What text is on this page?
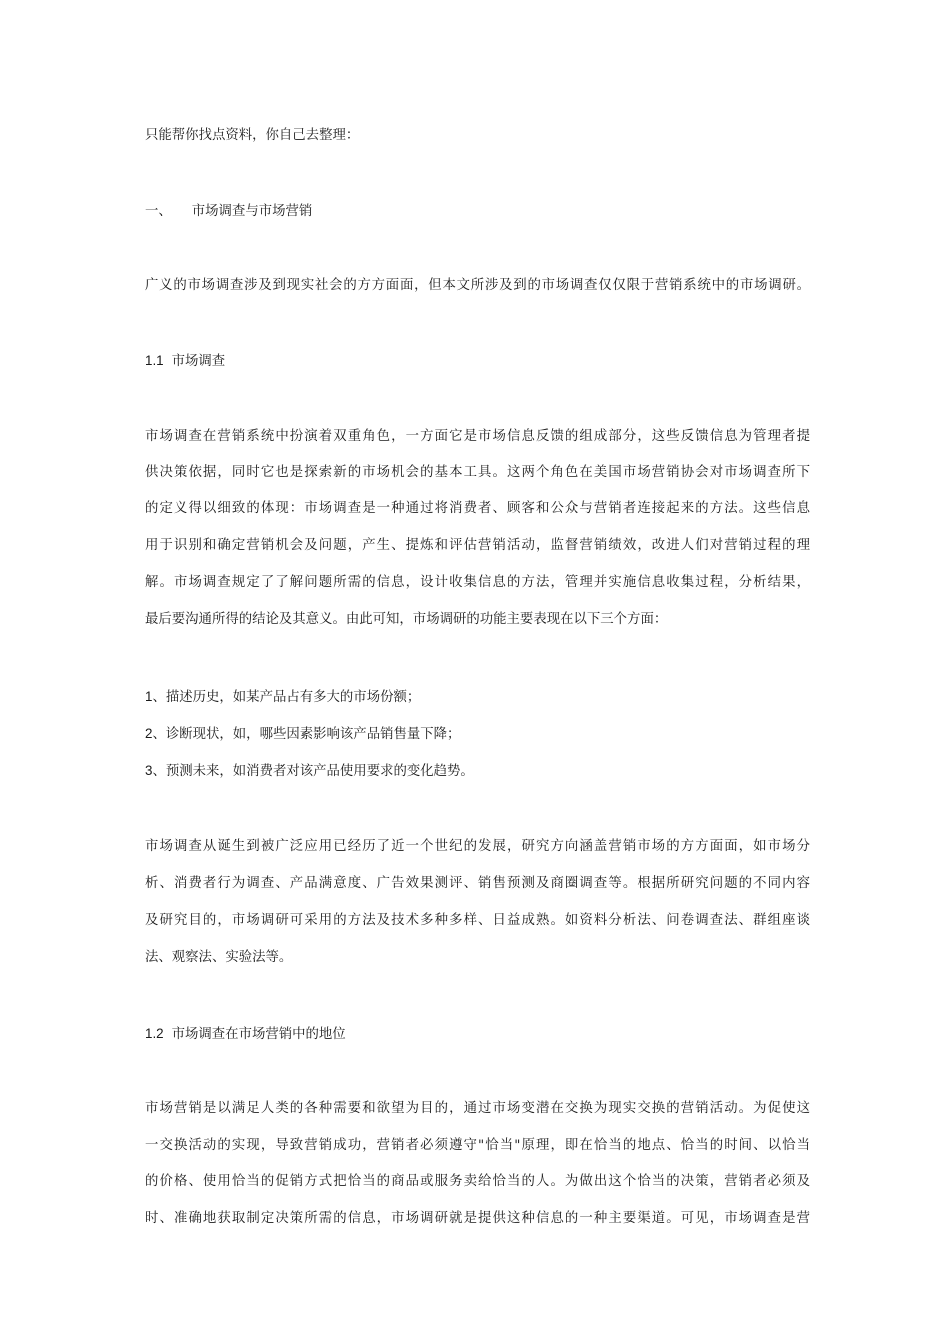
只能帮你找点资料，你自己去整理：
一、 市场调查与市场营销
广义的市场调查涉及到现实社会的方方面面，但本文所涉及到的市场调查仅仅限于营销系统中的市场调研。
1.1 市场调查
市场调查在营销系统中扮演着双重角色，一方面它是市场信息反馈的组成部分，这些反馈信息为管理者提
供决策依据，同时它也是探索新的市场机会的基本工具。这两个角色在美国市场营销协会对市场调查所下
的定义得以细致的体现：市场调查是一种通过将消费者、顾客和公众与营销者连接起来的方法。这些信息
用于识别和确定营销机会及问题，产生、提炼和评估营销活动，监督营销绩效，改进人们对营销过程的理
解。市场调查规定了了解问题所需的信息，设计收集信息的方法，管理并实施信息收集过程，分析结果，
最后要沟通所得的结论及其意义。由此可知，市场调研的功能主要表现在以下三个方面：
1、描述历史，如某产品占有多大的市场份额；
2、诊断现状，如，哪些因素影响该产品销售量下降；
3、预测未来，如消费者对该产品使用要求的变化趋势。
市场调查从诞生到被广泛应用已经历了近一个世纪的发展，研究方向涵盖营销市场的方方面面，如市场分
析、消费者行为调查、产品满意度、广告效果测评、销售预测及商圈调查等。根据所研究问题的不同内容
及研究目的，市场调研可采用的方法及技术多种多样、日益成熟。如资料分析法、问卷调查法、群组座谈
法、观察法、实验法等。
1.2 市场调查在市场营销中的地位
市场营销是以满足人类的各种需要和欲望为目的，通过市场变潜在交换为现实交换的营销活动。为促使这
一交换活动的实现，导致营销成功，营销者必须遵守"恰当"原理，即在恰当的地点、恰当的时间、以恰当
的价格、使用恰当的促销方式把恰当的商品或服务卖给恰当的人。为做出这个恰当的决策，营销者必须及
时、准确地获取制定决策所需的信息，市场调研就是提供这种信息的一种主要渠道。可见，市场调查是营
